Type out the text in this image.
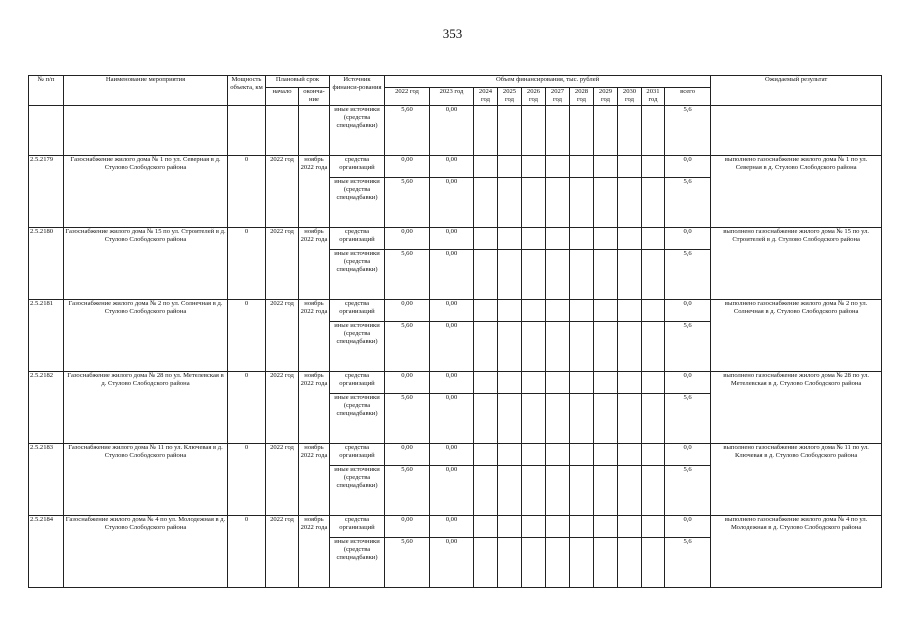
353
№ п/п	Наименование мероприятия	Мощность объекта, км	Плановый срок		Источник финанси-рования	Объем финансирования, тыс. рублей											Ожидаемый результат
			начало	оконча-ние		2022 год	2023 год	2024 год	2025 год	2026 год	2027 год	2028 год	2029 год	2030 год	2031 год	всего	
					иные источники (средства спецнадбавки)	5,60	0,00									5,6	
2.5.2179	Газоснабжение жилого дома № 1 по ул. Северная в д. Стулово Слободского района	0	2022 год	ноябрь 2022 года	средства организаций	0,00	0,00									0,0	выполнено газоснабжение жилого дома № 1 по ул. Северная в д. Стулово Слободского района
					иные источники (средства спецнадбавки)	5,60	0,00									5,6	
2.5.2180	Газоснабжение жилого дома № 15 по ул. Строителей в д. Стулово Слободского района	0	2022 год	ноябрь 2022 года	средства организаций	0,00	0,00									0,0	выполнено газоснабжение жилого дома № 15 по ул. Строителей в д. Стулово Слободского района
					иные источники (средства спецнадбавки)	5,60	0,00									5,6	
2.5.2181	Газоснабжение жилого дома № 2 по ул. Солнечная в д. Стулово Слободского района	0	2022 год	ноябрь 2022 года	средства организаций	0,00	0,00									0,0	выполнено газоснабжение жилого дома № 2 по ул. Солнечная в д. Стулово Слободского района
					иные источники (средства спецнадбавки)	5,60	0,00									5,6	
2.5.2182	Газоснабжение жилого дома № 28 по ул. Метелевская в д. Стулово Слободского района	0	2022 год	ноябрь 2022 года	средства организаций	0,00	0,00									0,0	выполнено газоснабжение жилого дома № 28 по ул. Метелевская в д. Стулово Слободского района
					иные источники (средства спецнадбавки)	5,60	0,00									5,6	
2.5.2183	Газоснабжение жилого дома № 11 по ул. Ключевая в д. Стулово Слободского района	0	2022 год	ноябрь 2022 года	средства организаций	0,00	0,00									0,0	выполнено газоснабжение жилого дома № 11 по ул. Ключевая в д. Стулово Слободского района
					иные источники (средства спецнадбавки)	5,60	0,00									5,6	
2.5.2184	Газоснабжение жилого дома № 4 по ул. Молодежная в д. Стулово Слободского района	0	2022 год	ноябрь 2022 года	средства организаций	0,00	0,00									0,0	выполнено газоснабжение жилого дома № 4 по ул. Молодежная в д. Стулово Слободского района
					иные источники (средства спецнадбавки)	5,60	0,00									5,6	
